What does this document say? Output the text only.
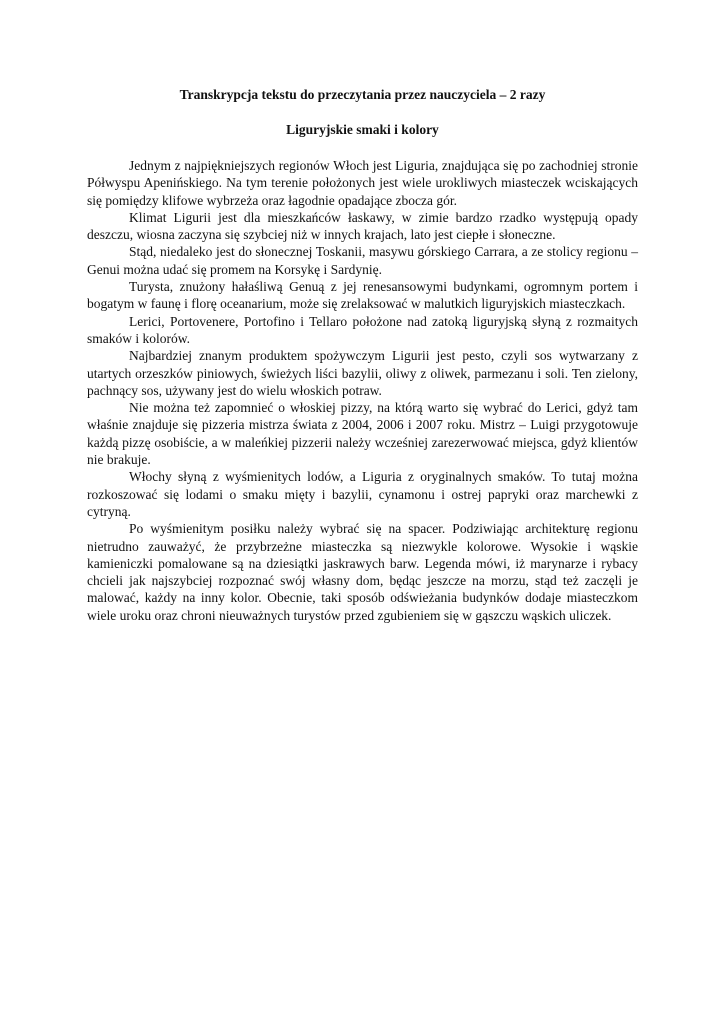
Transkrypcja tekstu do przeczytania przez nauczyciela – 2 razy
Liguryjskie smaki i kolory

Jednym z najpiękniejszych regionów Włoch jest Liguria, znajdująca się po zachodniej stronie Półwyspu Apenińskiego. Na tym terenie położonych jest wiele urokliwych miasteczek wciskających się pomiędzy klifowe wybrzeża oraz łagodnie opadające zbocza gór.

Klimat Ligurii jest dla mieszkańców łaskawy, w zimie bardzo rzadko występują opady deszczu, wiosna zaczyna się szybciej niż w innych krajach, lato jest ciepłe i słoneczne.

Stąd, niedaleko jest do słonecznej Toskanii, masywu górskiego Carrara, a ze stolicy regionu – Genui można udać się promem na Korsykę i Sardynię.

Turysta, znużony hałaśliwą Genuą z jej renesansowymi budynkami, ogromnym portem i bogatym w faunę i florę oceanarium, może się zrelaksować w malutkich liguryjskich miasteczkach.

Lerici, Portovenere, Portofino i Tellaro położone nad zatoką liguryjską słyną z rozmaitych smaków i kolorów.

Najbardziej znanym produktem spożywczym Ligurii jest pesto, czyli sos wytwarzany z utartych orzeszków piniowych, świeżych liści bazylii, oliwy z oliwek, parmezanu i soli. Ten zielony, pachnący sos, używany jest do wielu włoskich potraw.

Nie można też zapomnieć o włoskiej pizzy, na którą warto się wybrać do Lerici, gdyż tam właśnie znajduje się pizzeria mistrza świata z 2004, 2006 i 2007 roku. Mistrz – Luigi przygotowuje każdą pizzę osobiście, a w maleńkiej pizzerii należy wcześniej zarezerwować miejsca, gdyż klientów nie brakuje.

Włochy słyną z wyśmienitych lodów, a Liguria z oryginalnych smaków. To tutaj można rozkoszować się lodami o smaku mięty i bazylii, cynamonu i ostrej papryki oraz marchewki z cytryną.

Po wyśmienitym posiłku należy wybrać się na spacer. Podziwiając architekturę regionu nietrudno zauważyć, że przybrzeżne miasteczka są niezwykle kolorowe. Wysokie i wąskie kamieniczki pomalowane są na dziesiątki jaskrawych barw. Legenda mówi, iż marynarze i rybacy chcieli jak najszybciej rozpoznać swój własny dom, będąc jeszcze na morzu, stąd też zaczęli je malować, każdy na inny kolor. Obecnie, taki sposób odświeżania budynków dodaje miasteczkom wiele uroku oraz chroni nieuważnych turystów przed zgubieniem się w gąszczu wąskich uliczek.
